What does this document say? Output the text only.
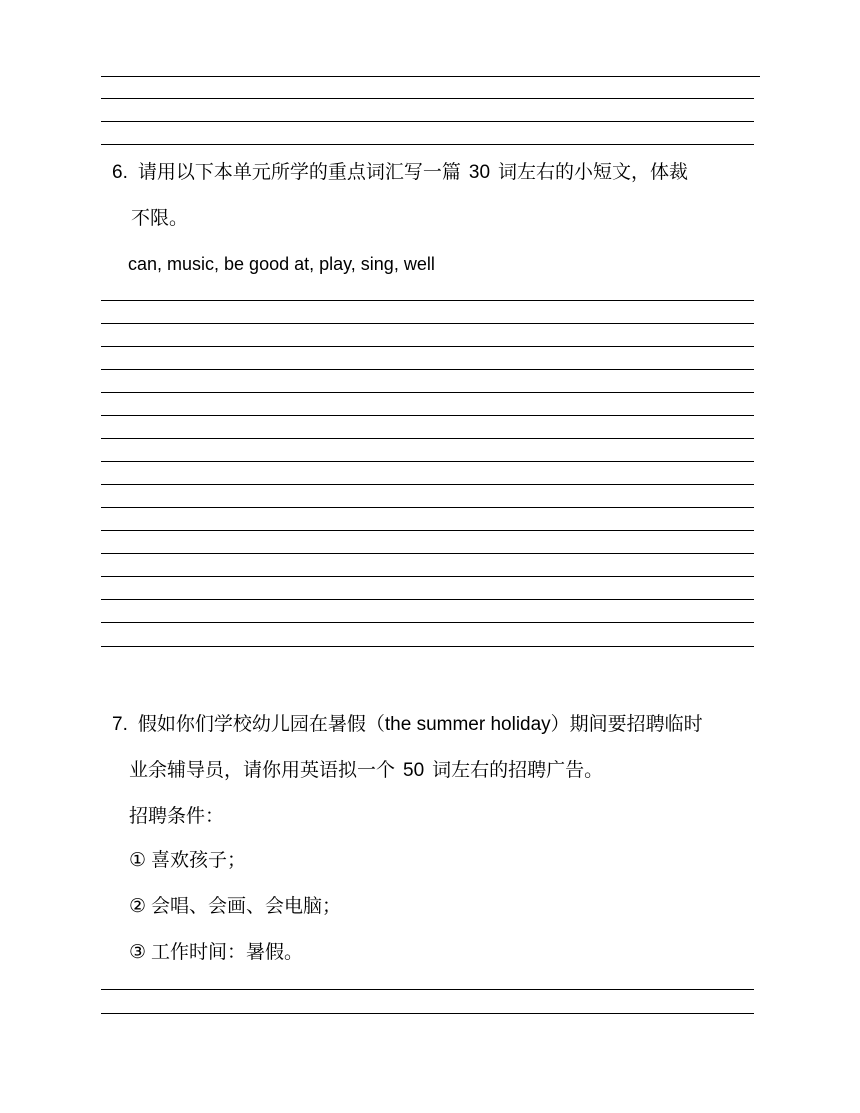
6. 请用以下本单元所学的重点词汇写一篇 30 词左右的小短文，体裁
不限。
can, music, be good at, play, sing, well
7. 假如你们学校幼儿园在暑假（the summer holiday）期间要招聘临时
业余辅导员，请你用英语拟一个 50 词左右的招聘广告。
招聘条件：
① 喜欢孩子；
② 会唱、会画、会电脑；
③ 工作时间：暑假。
